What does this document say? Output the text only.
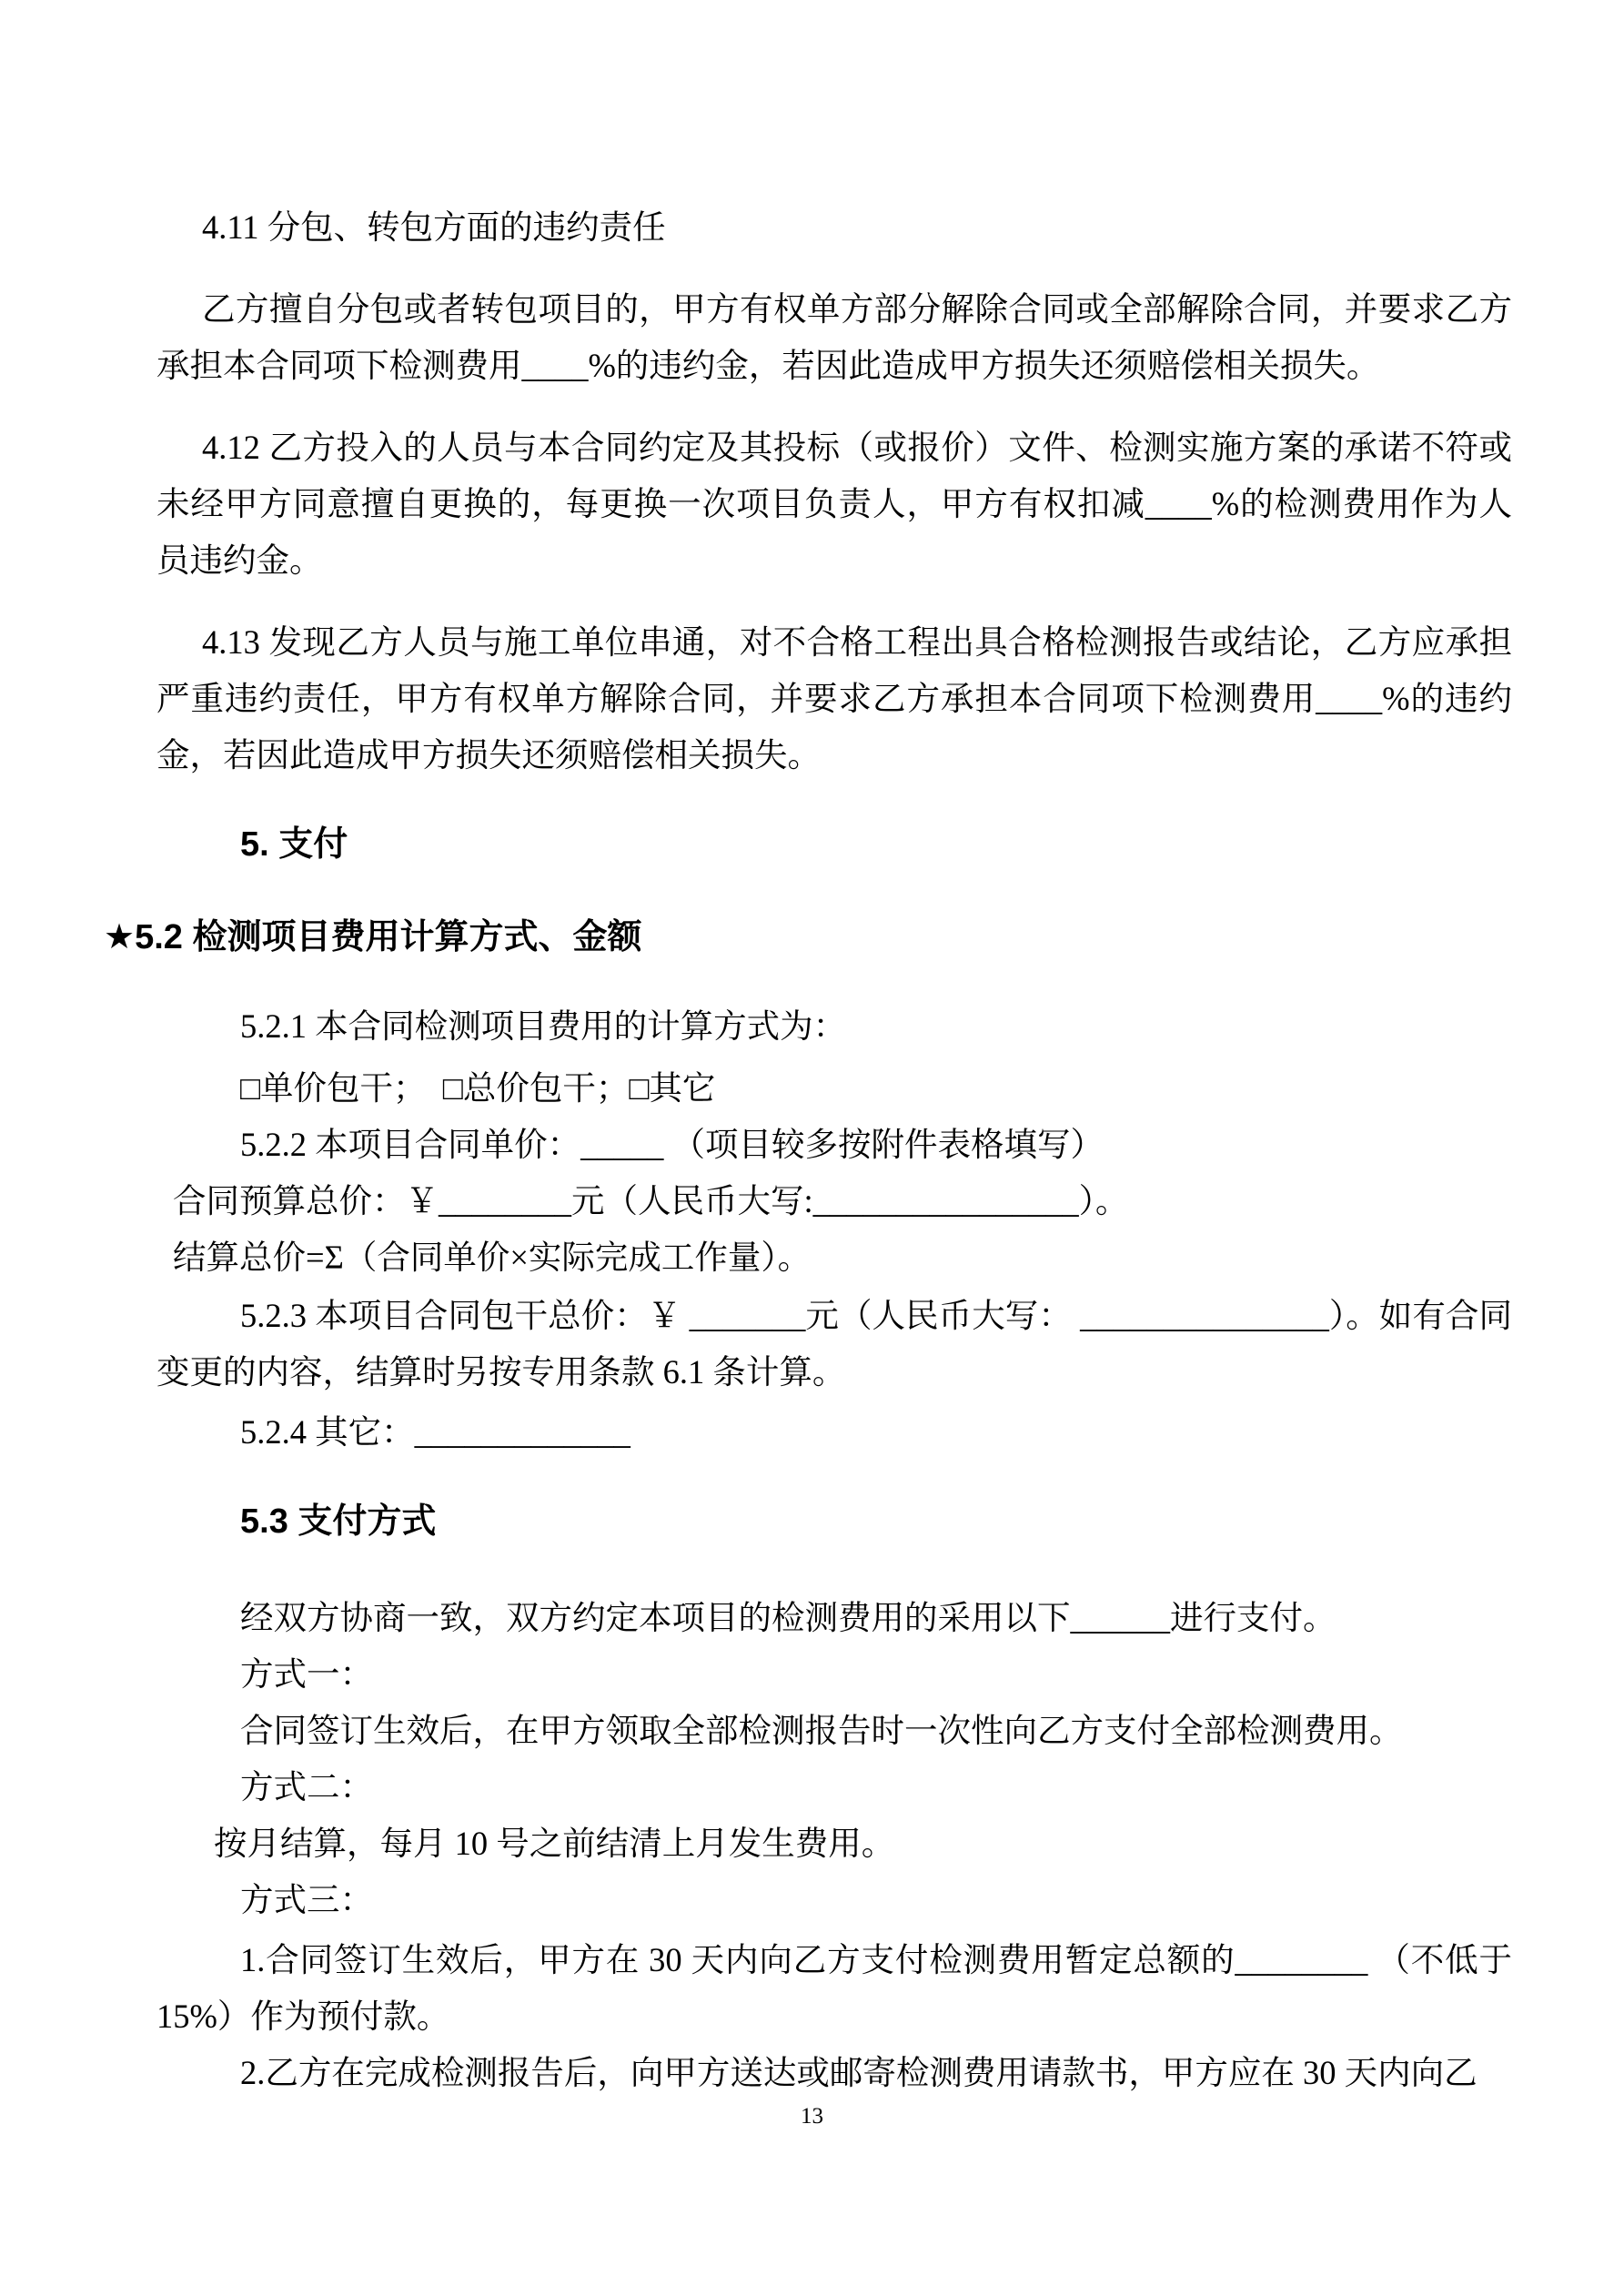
4.11 分包、转包方面的违约责任
乙方擅自分包或者转包项目的，甲方有权单方部分解除合同或全部解除合同，并要求乙方承担本合同项下检测费用____%的违约金，若因此造成甲方损失还须赔偿相关损失。
4.12 乙方投入的人员与本合同约定及其投标（或报价）文件、检测实施方案的承诺不符或未经甲方同意擅自更换的，每更换一次项目负责人，甲方有权扣减____%的检测费用作为人员违约金。
4.13 发现乙方人员与施工单位串通，对不合格工程出具合格检测报告或结论，乙方应承担严重违约责任，甲方有权单方解除合同，并要求乙方承担本合同项下检测费用____%的违约金，若因此造成甲方损失还须赔偿相关损失。
5. 支付
★5.2 检测项目费用计算方式、金额
5.2.1 本合同检测项目费用的计算方式为：
□单价包干；　□总价包干；□其它
5.2.2 本项目合同单价：_____ （项目较多按附件表格填写）
合同预算总价：￥________元（人民币大写:________________）。
结算总价=Σ（合同单价×实际完成工作量）。
5.2.3 本项目合同包干总价：￥ _______元（人民币大写： _______________）。如有合同变更的内容，结算时另按专用条款 6.1 条计算。
5.2.4 其它：_____________
5.3 支付方式
经双方协商一致，双方约定本项目的检测费用的采用以下______进行支付。
方式一：
合同签订生效后，在甲方领取全部检测报告时一次性向乙方支付全部检测费用。
方式二：
按月结算，每月 10 号之前结清上月发生费用。
方式三：
1.合同签订生效后，甲方在 30 天内向乙方支付检测费用暂定总额的________ （不低于15%）作为预付款。
2.乙方在完成检测报告后，向甲方送达或邮寄检测费用请款书，甲方应在 30 天内向乙
13
